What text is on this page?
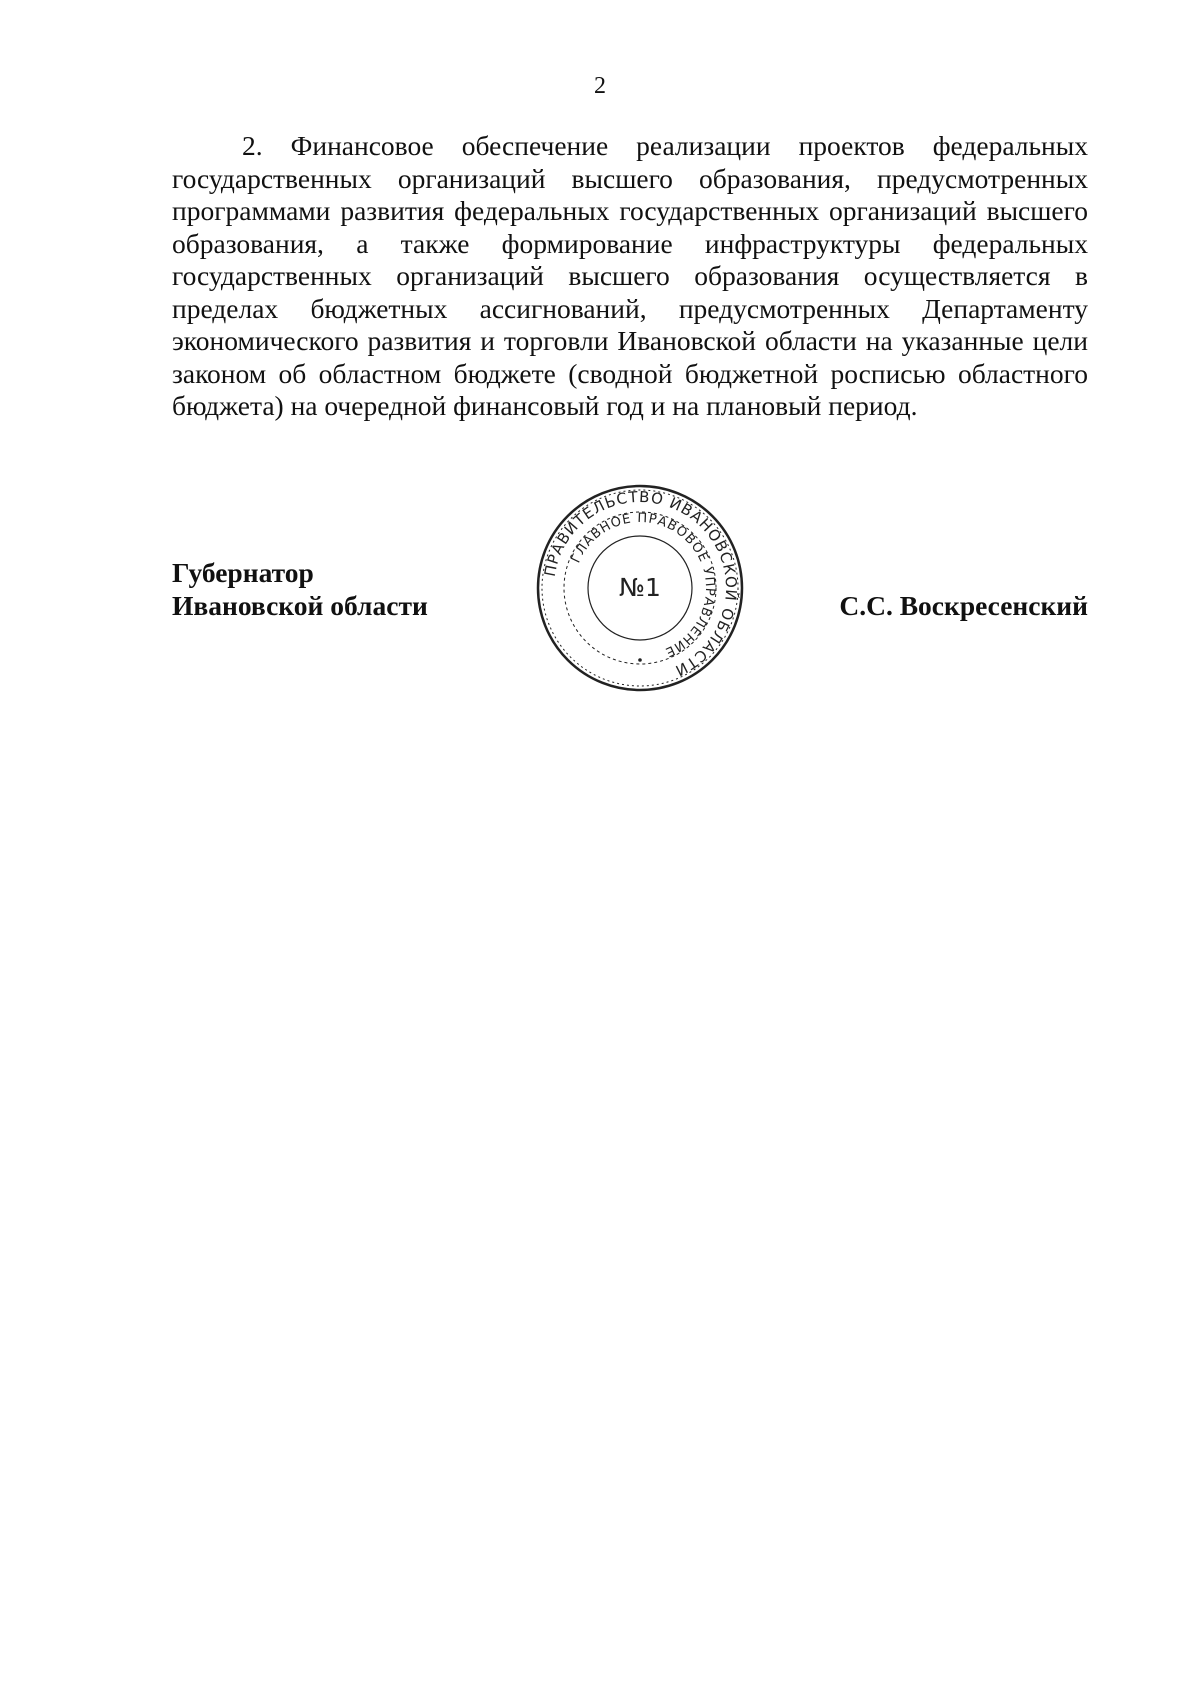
2

2. Финансовое обеспечение реализации проектов федеральных государственных организаций высшего образования, предусмотренных программами развития федеральных государственных организаций высшего образования, а также формирование инфраструктуры федеральных государственных организаций высшего образования осуществляется в пределах бюджетных ассигнований, предусмотренных Департаменту экономического развития и торговли Ивановской области на указанные цели законом об областном бюджете (сводной бюджетной росписью областного бюджета) на очередной финансовый год и на плановый период.

Губернатор
Ивановской области
ПРАВИТЕЛЬСТВО ИВАНОВСКОЙ ОБЛАСТИ
ГЛАВНОЕ ПРАВОВОЕ УПРАВЛЕНИЕ
№1
С.С. Воскресенский
